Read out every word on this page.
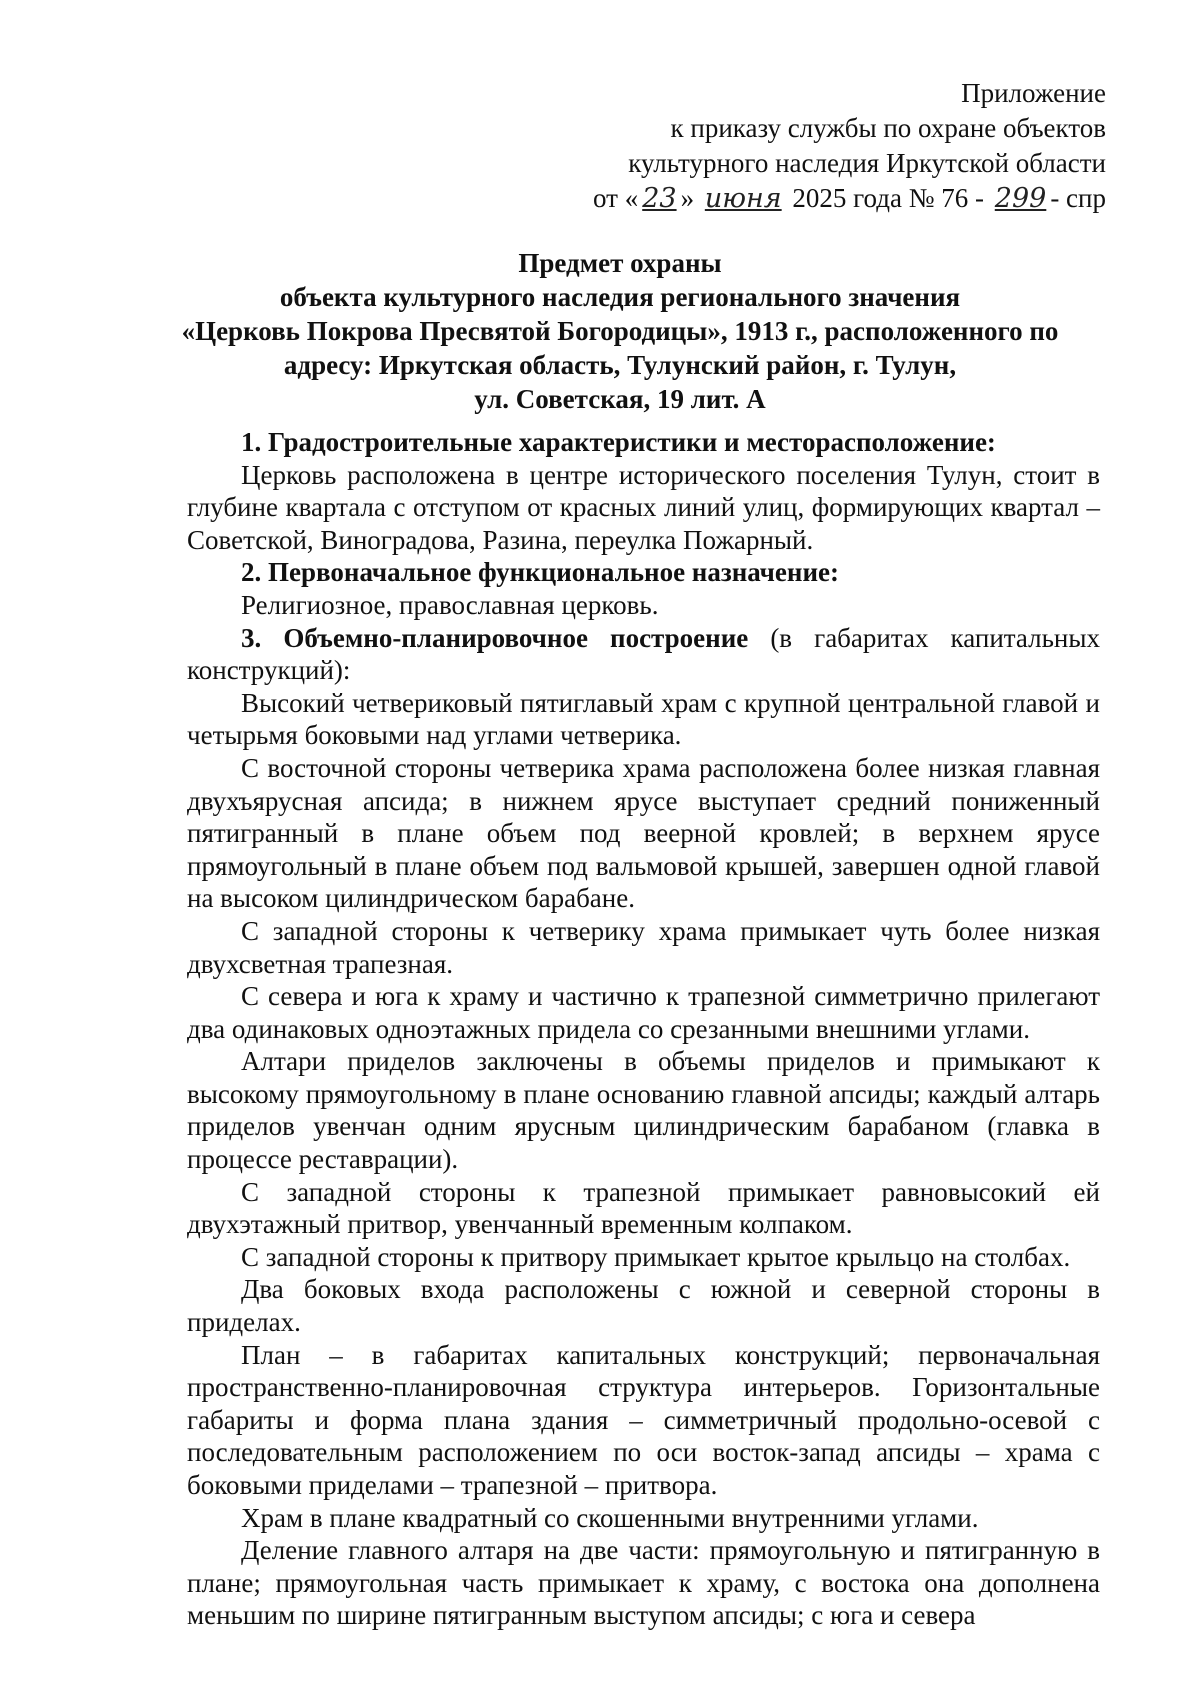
Приложение
к приказу службы по охране объектов
культурного наследия Иркутской области
от « 23 » июня 2025 года № 76 - 299 - спр
Предмет охраны
объекта культурного наследия регионального значения
«Церковь Покрова Пресвятой Богородицы», 1913 г., расположенного по
адресу: Иркутская область, Тулунский район, г. Тулун,
ул. Советская, 19 лит. А

1. Градостроительные характеристики и месторасположение:

Церковь расположена в центре исторического поселения Тулун, стоит в глубине квартала с отступом от красных линий улиц, формирующих квартал – Советской, Виноградова, Разина, переулка Пожарный.

2. Первоначальное функциональное назначение:

Религиозное, православная церковь.

3. Объемно-планировочное построение (в габаритах капитальных конструкций):

Высокий четвериковый пятиглавый храм с крупной центральной главой и четырьмя боковыми над углами четверика.

С восточной стороны четверика храма расположена более низкая главная двухъярусная апсида; в нижнем ярусе выступает средний пониженный пятигранный в плане объем под веерной кровлей; в верхнем ярусе прямоугольный в плане объем под вальмовой крышей, завершен одной главой на высоком цилиндрическом барабане.

С западной стороны к четверику храма примыкает чуть более низкая двухсветная трапезная.

С севера и юга к храму и частично к трапезной симметрично прилегают два одинаковых одноэтажных придела со срезанными внешними углами.

Алтари приделов заключены в объемы приделов и примыкают к высокому прямоугольному в плане основанию главной апсиды; каждый алтарь приделов увенчан одним ярусным цилиндрическим барабаном (главка в процессе реставрации).

С западной стороны к трапезной примыкает равновысокий ей двухэтажный притвор, увенчанный временным колпаком.

С западной стороны к притвору примыкает крытое крыльцо на столбах.

Два боковых входа расположены с южной и северной стороны в приделах.

План – в габаритах капитальных конструкций; первоначальная пространственно-планировочная структура интерьеров. Горизонтальные габариты и форма плана здания – симметричный продольно-осевой с последовательным расположением по оси восток-запад апсиды – храма с боковыми приделами – трапезной – притвора.

Храм в плане квадратный со скошенными внутренними углами.

Деление главного алтаря на две части: прямоугольную и пятигранную в плане; прямоугольная часть примыкает к храму, с востока она дополнена меньшим по ширине пятигранным выступом апсиды; с юга и севера
